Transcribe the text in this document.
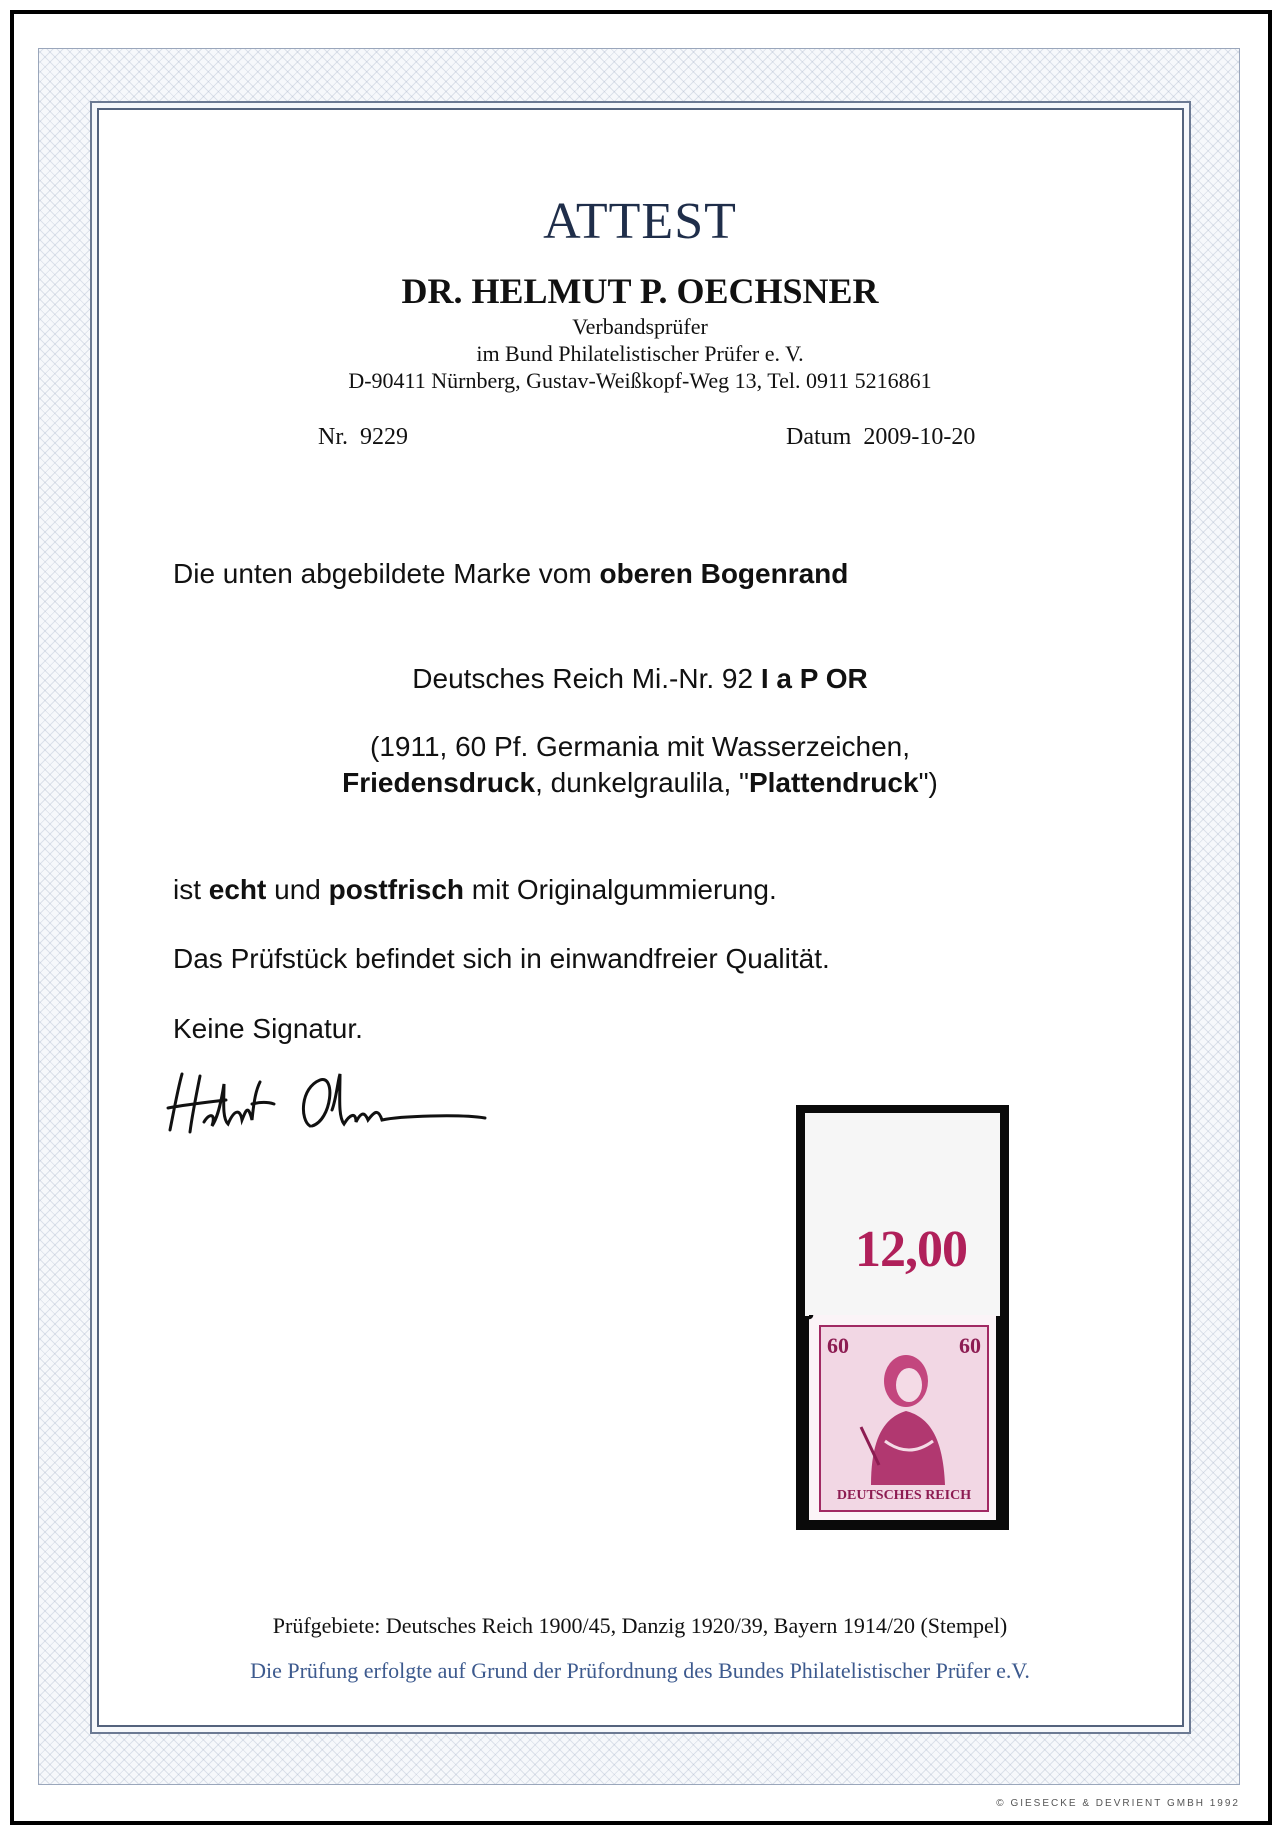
ATTEST
DR. HELMUT P. OECHSNER
Verbandsprüfer
im Bund Philatelistischer Prüfer e. V.
D-90411 Nürnberg, Gustav-Weißkopf-Weg 13, Tel. 0911 5216861
Nr. 9229	Datum 2009-10-20
Die unten abgebildete Marke vom oberen Bogenrand
Deutsches Reich Mi.-Nr. 92 I a P OR
(1911, 60 Pf. Germania mit Wasserzeichen,
Friedensdruck, dunkelgraulila, "Plattendruck")
ist echt und postfrisch mit Originalgummierung.
Das Prüfstück befindet sich in einwandfreier Qualität.
Keine Signatur.
12,00
60	60
DEUTSCHES REICH
Prüfgebiete: Deutsches Reich 1900/45, Danzig 1920/39, Bayern 1914/20 (Stempel)
Die Prüfung erfolgte auf Grund der Prüfordnung des Bundes Philatelistischer Prüfer e.V.
© GIESECKE & DEVRIENT GMBH 1992
